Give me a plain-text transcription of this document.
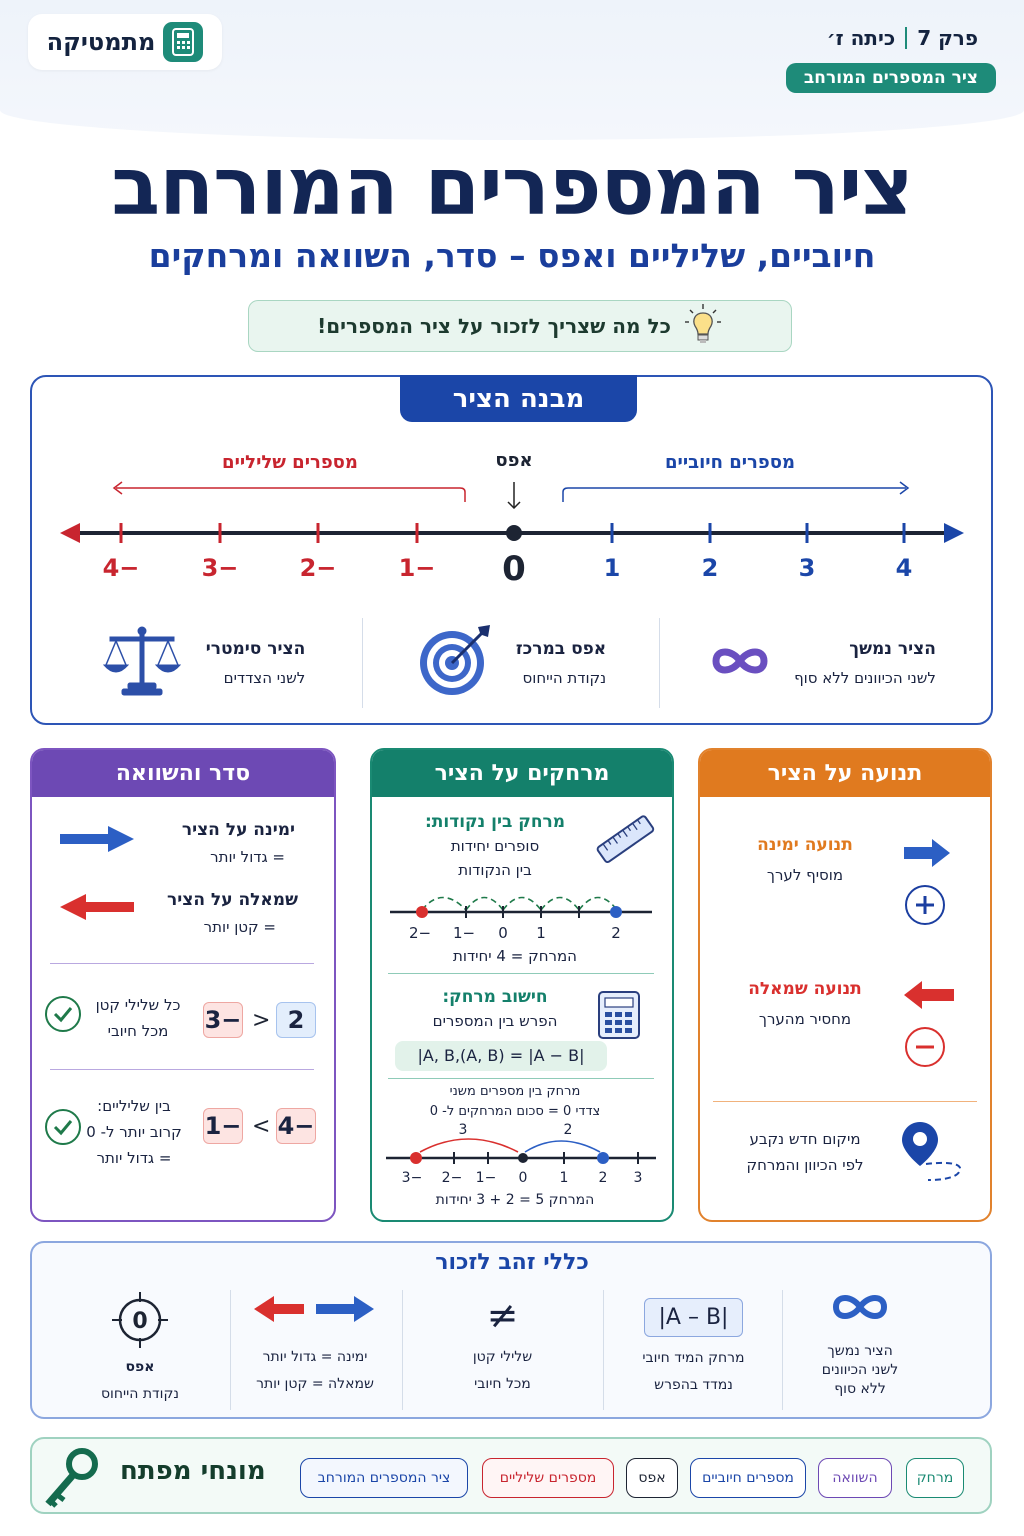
מתמטיקה	פרק 7
כיתה ז׳
ציר המספרים המורחב
ציר המספרים המורחב
חיוביים, שליליים ואפס – סדר, השוואה ומרחקים
כל מה שצריך לזכור על ציר המספרים!
מבנה הציר
מספרים שליליים	אפס	מספרים חיוביים
−4	−3	−2	−1 0	1	2	3	4
הציר נמשך
לשני הכיוונים ללא סוף
אפס במרכז
נקודת הייחוס
הציר סימטרי
לשני הצדדים
סדר והשוואה
ימינה על הציר
= גדול יותר
שמאלה על הציר
= קטן יותר
2
<
−3
כל שלילי קטן
מכל חיובי
−4
>
−1
בין שליליים:
קרוב יותר ל- 0
= גדול יותר
מרחקים על הציר
מרחק בין נקודות:
סופרים יחידות
בין הנקודות
−2 −1 0 1	2
המרחק = 4 יחידות
חישוב מרחק:
הפרש בין המספרים
|A, B,(A, B) = |A − B|
מרחק בין מספרים משני
צדדי 0 = סכום המרחקים ל- 0
3	2
−3 −2 −1 0 1 2 3
המרחק 5 = 2 + 3 יחידות
תנועה על הציר
תנועה ימינה
מוסיף לערך
תנועה שמאלה
מחסיר מהערך
מיקום חדש נקבע
לפי הכיוון והמרחק
כללי זהב לזכור
הציר נמשך
לשני הכיוונים
ללא סוף
|A – B|
מרחק המיד חיובי
נמדד בהפרש
≠
שלילי קטן
מכל חיובי
ימינה = גדול יותר
שמאלה = קטן יותר
0
אפס
נקודת הייחוס
מונחי מפתח	מרחק
השוואה
מספרים חיוביים
אפס
מספרים שליליים
ציר המספרים המורחב
